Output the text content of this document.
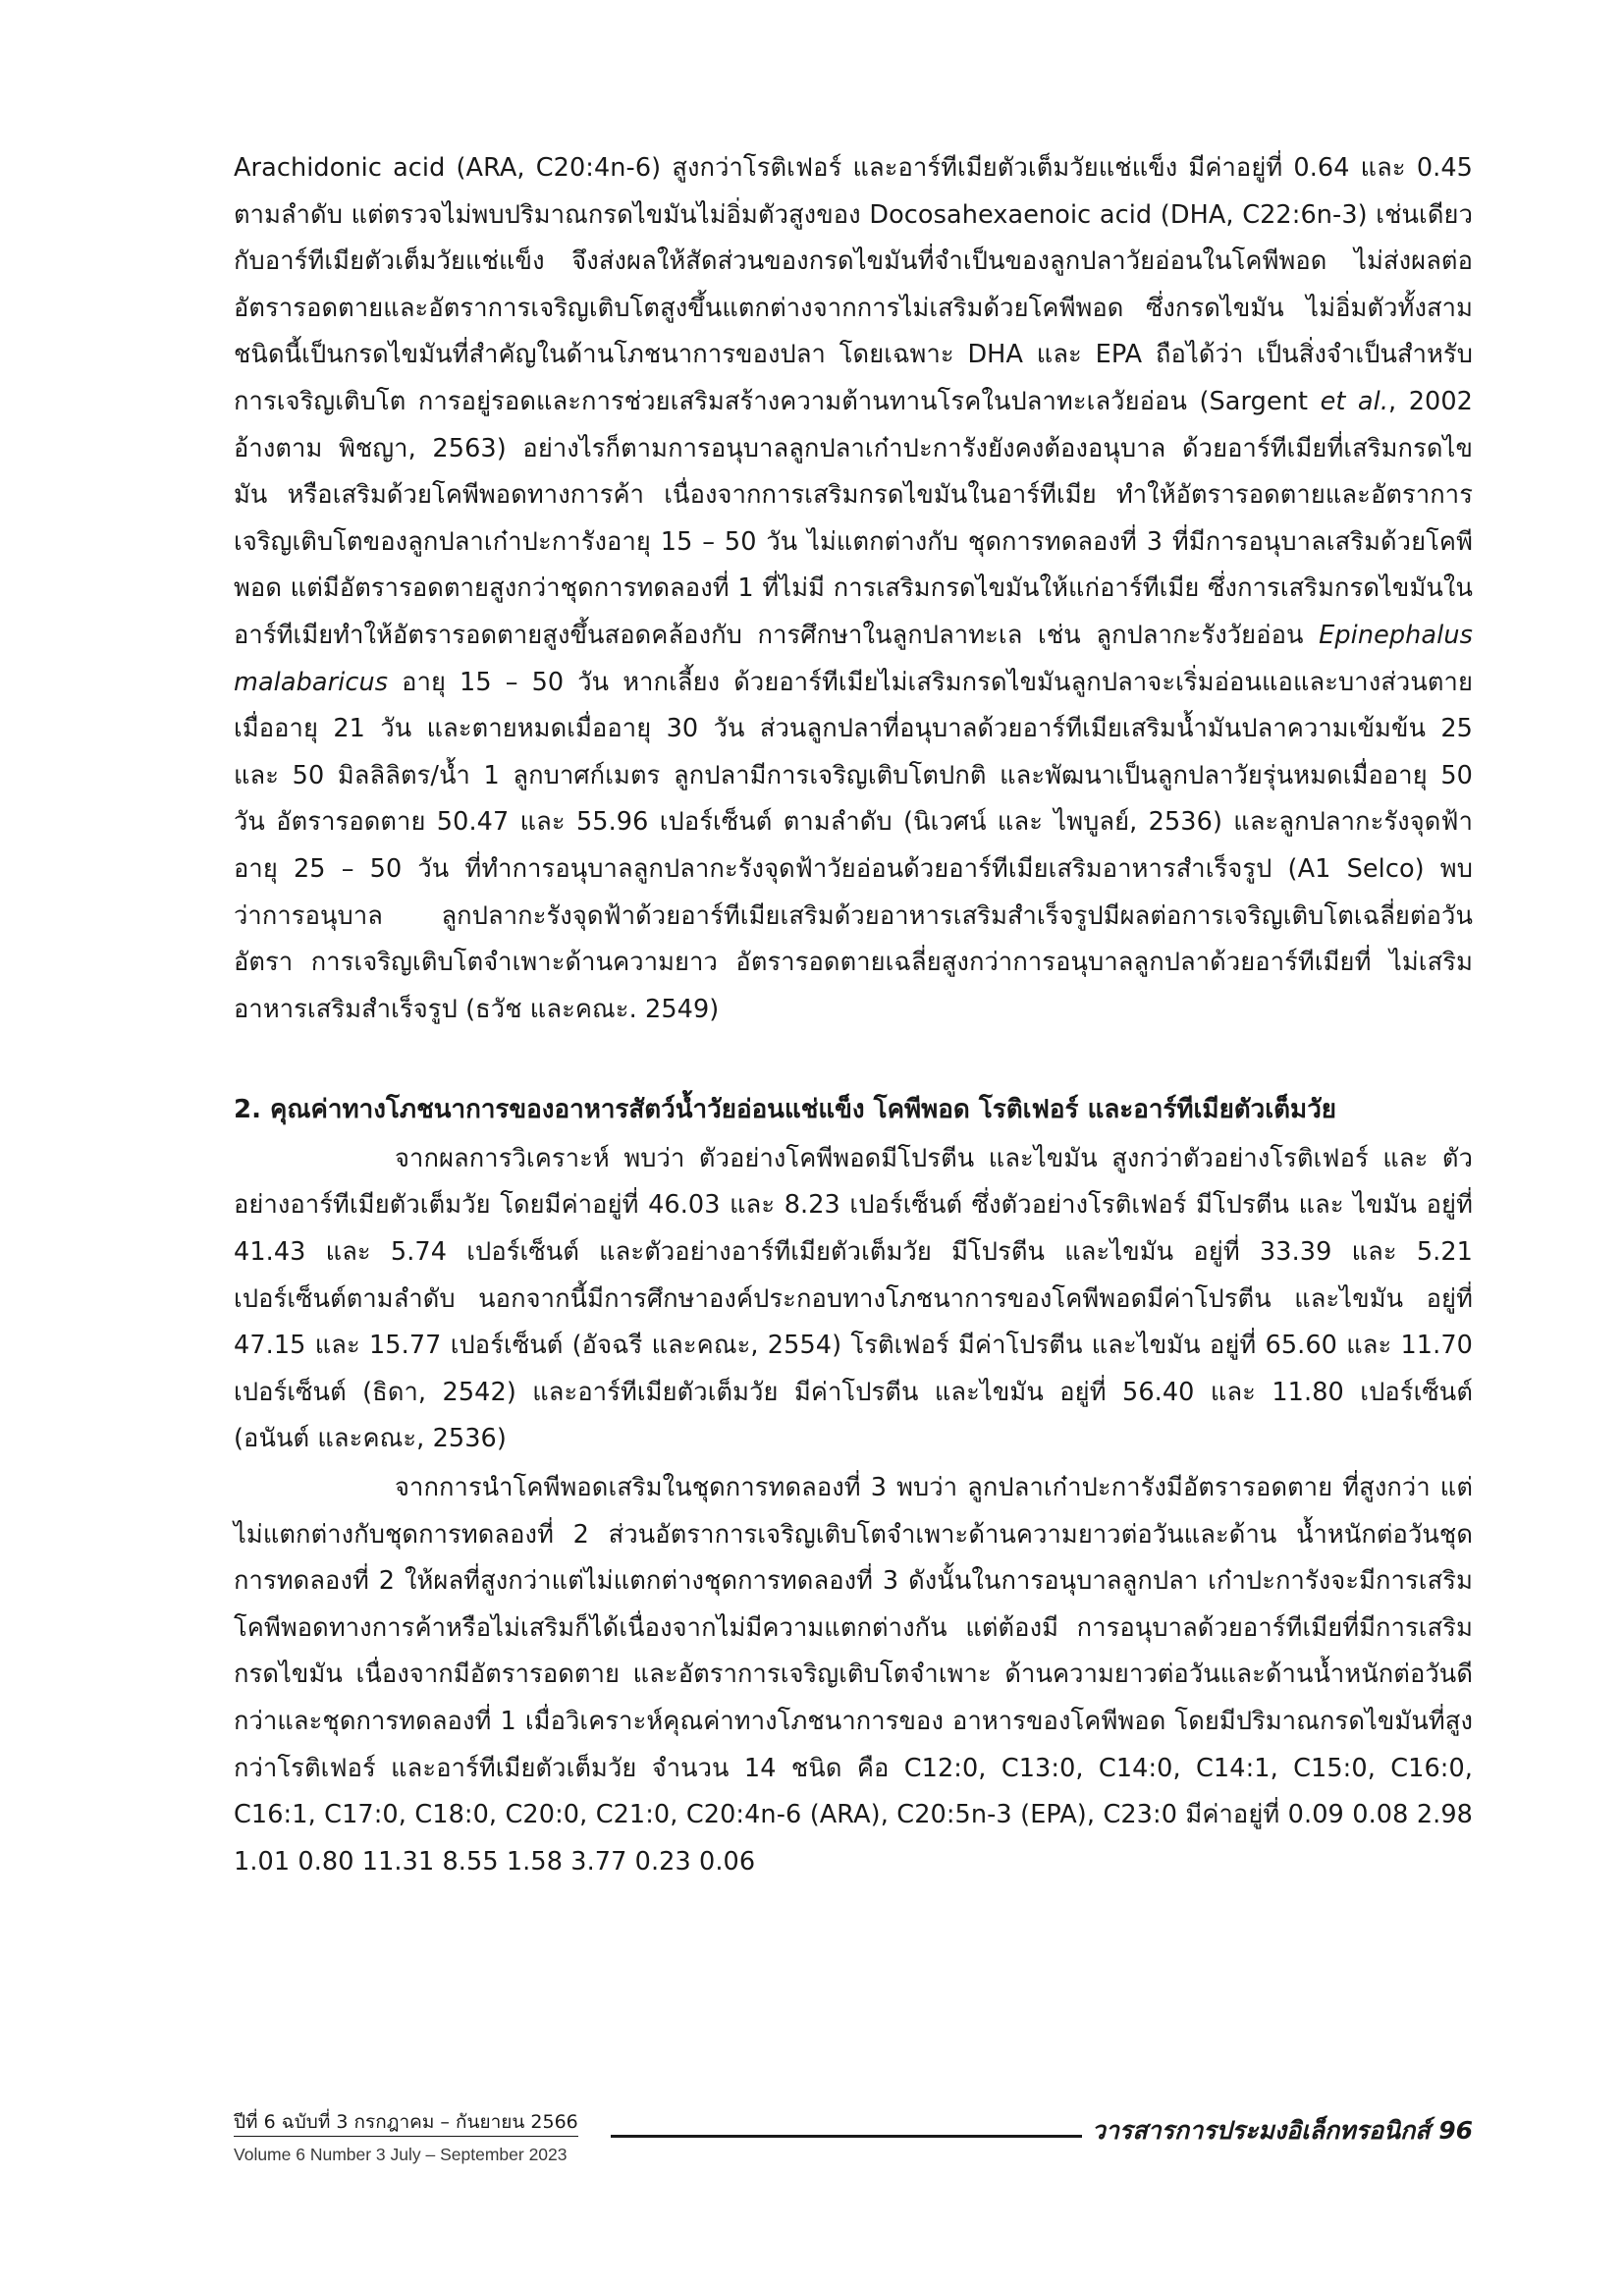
Arachidonic acid (ARA, C20:4n-6) สูงกว่าโรติเฟอร์ และอาร์ทีเมียตัวเต็มวัยแช่แข็ง มีค่าอยู่ที่ 0.64 และ 0.45 ตามลำดับ แต่ตรวจไม่พบปริมาณกรดไขมันไม่อิ่มตัวสูงของ Docosahexaenoic acid (DHA, C22:6n-3) เช่นเดียวกับอาร์ทีเมียตัวเต็มวัยแช่แข็ง จึงส่งผลให้สัดส่วนของกรดไขมันที่จำเป็นของลูกปลาวัยอ่อนในโคพีพอด ไม่ส่งผลต่ออัตรารอดตายและอัตราการเจริญเติบโตสูงขึ้นแตกต่างจากการไม่เสริมด้วยโคพีพอด ซึ่งกรดไขมัน ไม่อิ่มตัวทั้งสามชนิดนี้เป็นกรดไขมันที่สำคัญในด้านโภชนาการของปลา โดยเฉพาะ DHA และ EPA ถือได้ว่า เป็นสิ่งจำเป็นสำหรับการเจริญเติบโต การอยู่รอดและการช่วยเสริมสร้างความต้านทานโรคในปลาทะเลวัยอ่อน (Sargent et al., 2002 อ้างตาม พิชญา, 2563) อย่างไรก็ตามการอนุบาลลูกปลาเก๋าปะการังยังคงต้องอนุบาล ด้วยอาร์ทีเมียที่เสริมกรดไขมัน หรือเสริมด้วยโคพีพอดทางการค้า เนื่องจากการเสริมกรดไขมันในอาร์ทีเมีย ทำให้อัตรารอดตายและอัตราการเจริญเติบโตของลูกปลาเก๋าปะการังอายุ 15 – 50 วัน ไม่แตกต่างกับ ชุดการทดลองที่ 3 ที่มีการอนุบาลเสริมด้วยโคพีพอด แต่มีอัตรารอดตายสูงกว่าชุดการทดลองที่ 1 ที่ไม่มี การเสริมกรดไขมันให้แก่อาร์ทีเมีย ซึ่งการเสริมกรดไขมันในอาร์ทีเมียทำให้อัตรารอดตายสูงขึ้นสอดคล้องกับ การศึกษาในลูกปลาทะเล เช่น ลูกปลากะรังวัยอ่อน Epinephalus malabaricus อายุ 15 – 50 วัน หากเลี้ยง ด้วยอาร์ทีเมียไม่เสริมกรดไขมันลูกปลาจะเริ่มอ่อนแอและบางส่วนตายเมื่ออายุ 21 วัน และตายหมดเมื่ออายุ 30 วัน ส่วนลูกปลาที่อนุบาลด้วยอาร์ทีเมียเสริมน้ำมันปลาความเข้มข้น 25 และ 50 มิลลิลิตร/น้ำ 1 ลูกบาศก์เมตร ลูกปลามีการเจริญเติบโตปกติ และพัฒนาเป็นลูกปลาวัยรุ่นหมดเมื่ออายุ 50 วัน อัตรารอดตาย 50.47 และ 55.96 เปอร์เซ็นต์ ตามลำดับ (นิเวศน์ และ ไพบูลย์, 2536) และลูกปลากะรังจุดฟ้า อายุ 25 – 50 วัน ที่ทำการอนุบาลลูกปลากะรังจุดฟ้าวัยอ่อนด้วยอาร์ทีเมียเสริมอาหารสำเร็จรูป (A1 Selco) พบว่าการอนุบาล ลูกปลากะรังจุดฟ้าด้วยอาร์ทีเมียเสริมด้วยอาหารเสริมสำเร็จรูปมีผลต่อการเจริญเติบโตเฉลี่ยต่อวัน อัตรา การเจริญเติบโตจำเพาะด้านความยาว อัตรารอดตายเฉลี่ยสูงกว่าการอนุบาลลูกปลาด้วยอาร์ทีเมียที่ ไม่เสริมอาหารเสริมสำเร็จรูป (ธวัช และคณะ. 2549)

2. คุณค่าทางโภชนาการของอาหารสัตว์น้ำวัยอ่อนแช่แข็ง โคพีพอด โรติเฟอร์ และอาร์ทีเมียตัวเต็มวัย

จากผลการวิเคราะห์ พบว่า ตัวอย่างโคพีพอดมีโปรตีน และไขมัน สูงกว่าตัวอย่างโรติเฟอร์ และ ตัวอย่างอาร์ทีเมียตัวเต็มวัย โดยมีค่าอยู่ที่ 46.03 และ 8.23 เปอร์เซ็นต์ ซึ่งตัวอย่างโรติเฟอร์ มีโปรตีน และ ไขมัน อยู่ที่ 41.43 และ 5.74 เปอร์เซ็นต์ และตัวอย่างอาร์ทีเมียตัวเต็มวัย มีโปรตีน และไขมัน อยู่ที่ 33.39 และ 5.21 เปอร์เซ็นต์ตามลำดับ นอกจากนี้มีการศึกษาองค์ประกอบทางโภชนาการของโคพีพอดมีค่าโปรตีน และไขมัน อยู่ที่ 47.15 และ 15.77 เปอร์เซ็นต์ (อัจฉรี และคณะ, 2554) โรติเฟอร์ มีค่าโปรตีน และไขมัน อยู่ที่ 65.60 และ 11.70 เปอร์เซ็นต์ (ธิดา, 2542) และอาร์ทีเมียตัวเต็มวัย มีค่าโปรตีน และไขมัน อยู่ที่ 56.40 และ 11.80 เปอร์เซ็นต์ (อนันต์ และคณะ, 2536)

จากการนำโคพีพอดเสริมในชุดการทดลองที่ 3 พบว่า ลูกปลาเก๋าปะการังมีอัตรารอดตาย ที่สูงกว่า แต่ไม่แตกต่างกับชุดการทดลองที่ 2 ส่วนอัตราการเจริญเติบโตจำเพาะด้านความยาวต่อวันและด้าน น้ำหนักต่อวันชุดการทดลองที่ 2 ให้ผลที่สูงกว่าแต่ไม่แตกต่างชุดการทดลองที่ 3 ดังนั้นในการอนุบาลลูกปลา เก๋าปะการังจะมีการเสริมโคพีพอดทางการค้าหรือไม่เสริมก็ได้เนื่องจากไม่มีความแตกต่างกัน แต่ต้องมี การอนุบาลด้วยอาร์ทีเมียที่มีการเสริมกรดไขมัน เนื่องจากมีอัตรารอดตาย และอัตราการเจริญเติบโตจำเพาะ ด้านความยาวต่อวันและด้านน้ำหนักต่อวันดีกว่าและชุดการทดลองที่ 1 เมื่อวิเคราะห์คุณค่าทางโภชนาการของ อาหารของโคพีพอด โดยมีปริมาณกรดไขมันที่สูงกว่าโรติเฟอร์ และอาร์ทีเมียตัวเต็มวัย จำนวน 14 ชนิด คือ C12:0, C13:0, C14:0, C14:1, C15:0, C16:0, C16:1, C17:0, C18:0, C20:0, C21:0, C20:4n-6 (ARA), C20:5n-3 (EPA), C23:0 มีค่าอยู่ที่ 0.09 0.08 2.98 1.01 0.80 11.31 8.55 1.58 3.77 0.23 0.06

ปีที่ 6 ฉบับที่ 3 กรกฎาคม – กันยายน 2566
Volume 6 Number 3 July – September 2023
วารสารการประมงอิเล็กทรอนิกส์ 96
